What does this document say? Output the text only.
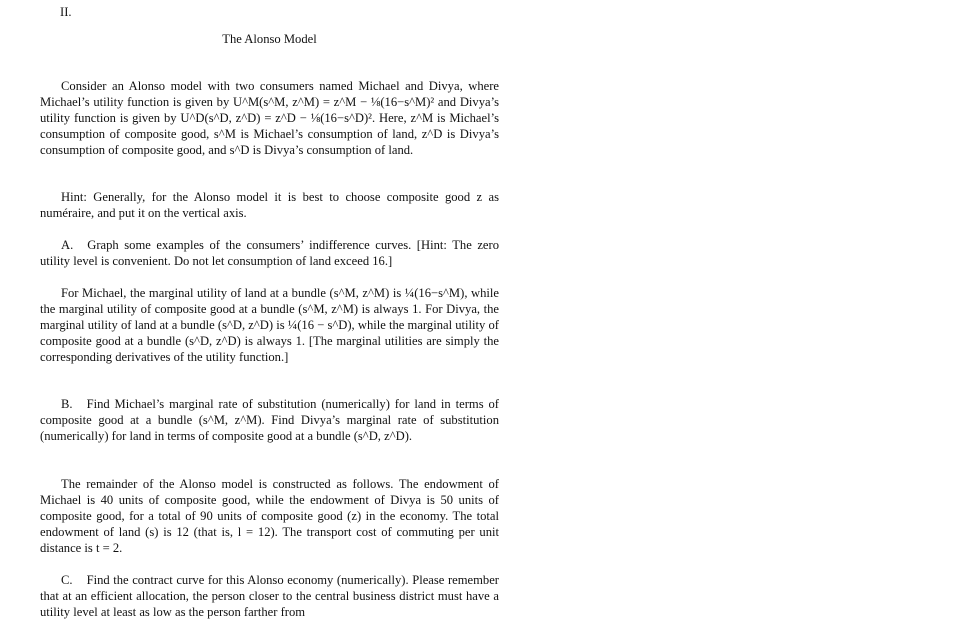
II.
The Alonso Model

Consider an Alonso model with two consumers named Michael and Divya, where Michael’s utility function is given by U^M(s^M, z^M) = z^M − ⅛(16−s^M)² and Divya’s utility function is given by U^D(s^D, z^D) = z^D − ⅛(16−s^D)². Here, z^M is Michael’s consumption of composite good, s^M is Michael’s consumption of land, z^D is Divya’s consumption of composite good, and s^D is Divya’s consumption of land.

Hint: Generally, for the Alonso model it is best to choose composite good z as numéraire, and put it on the vertical axis.

A. Graph some examples of the consumers’ indifference curves. [Hint: The zero utility level is convenient. Do not let consumption of land exceed 16.]

For Michael, the marginal utility of land at a bundle (s^M, z^M) is ¼(16−s^M), while the marginal utility of composite good at a bundle (s^M, z^M) is always 1. For Divya, the marginal utility of land at a bundle (s^D, z^D) is ¼(16 − s^D), while the marginal utility of composite good at a bundle (s^D, z^D) is always 1. [The marginal utilities are simply the corresponding derivatives of the utility function.]

B. Find Michael’s marginal rate of substitution (numerically) for land in terms of composite good at a bundle (s^M, z^M). Find Divya’s marginal rate of substitution (numerically) for land in terms of composite good at a bundle (s^D, z^D).

The remainder of the Alonso model is constructed as follows. The endowment of Michael is 40 units of composite good, while the endowment of Divya is 50 units of composite good, for a total of 90 units of composite good (z) in the economy. The total endowment of land (s) is 12 (that is, l = 12). The transport cost of commuting per unit distance is t = 2.

C. Find the contract curve for this Alonso economy (numerically). Please remember that at an efficient allocation, the person closer to the central business district must have a utility level at least as low as the person farther from
